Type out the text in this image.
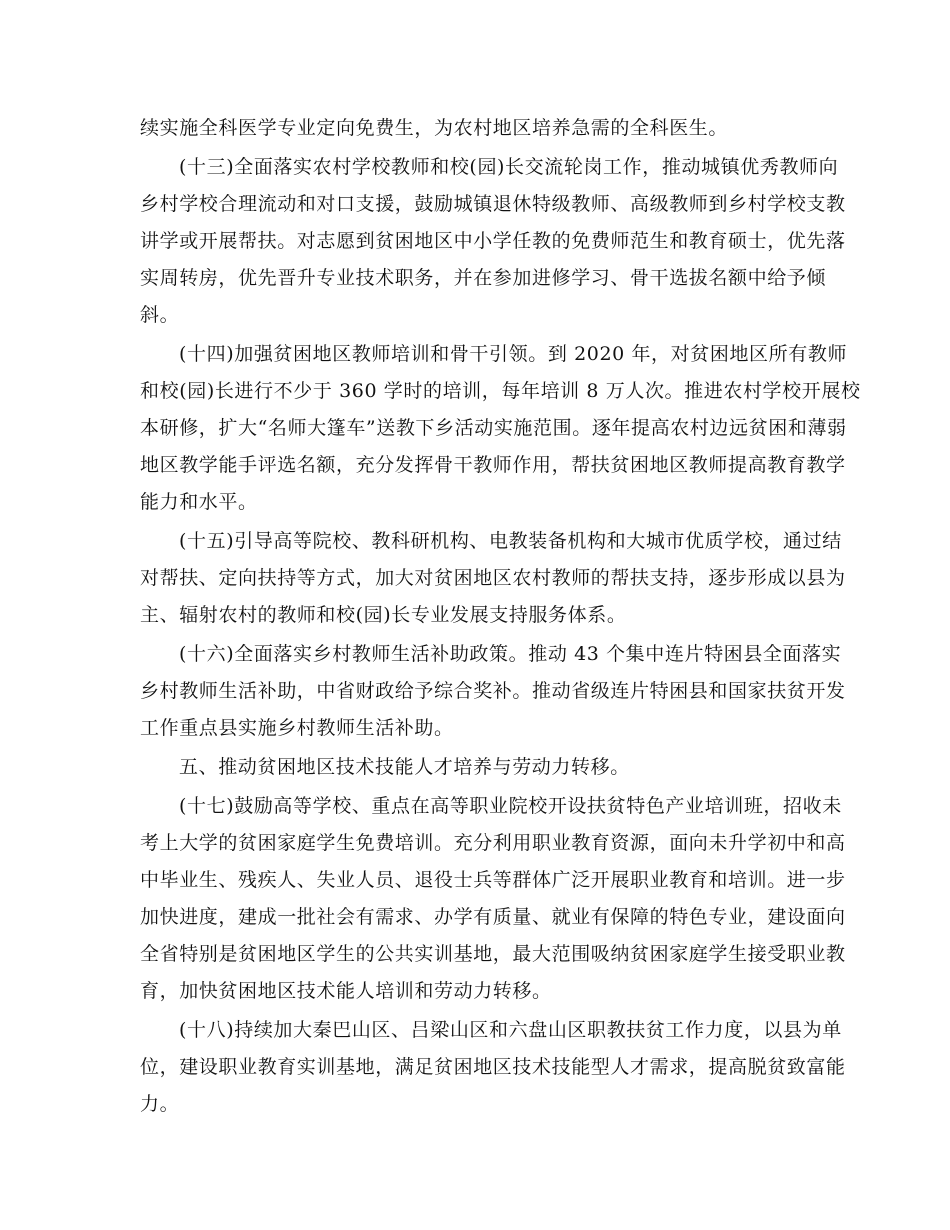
续实施全科医学专业定向免费生，为农村地区培养急需的全科医生。
(十三)全面落实农村学校教师和校(园)长交流轮岗工作，推动城镇优秀教师向
乡村学校合理流动和对口支援，鼓励城镇退休特级教师、高级教师到乡村学校支教
讲学或开展帮扶。对志愿到贫困地区中小学任教的免费师范生和教育硕士，优先落
实周转房，优先晋升专业技术职务，并在参加进修学习、骨干选拔名额中给予倾
斜。
(十四)加强贫困地区教师培训和骨干引领。到 2020 年，对贫困地区所有教师
和校(园)长进行不少于 360 学时的培训，每年培训 8 万人次。推进农村学校开展校
本研修，扩大“名师大篷车”送教下乡活动实施范围。逐年提高农村边远贫困和薄弱
地区教学能手评选名额，充分发挥骨干教师作用，帮扶贫困地区教师提高教育教学
能力和水平。
(十五)引导高等院校、教科研机构、电教装备机构和大城市优质学校，通过结
对帮扶、定向扶持等方式，加大对贫困地区农村教师的帮扶支持，逐步形成以县为
主、辐射农村的教师和校(园)长专业发展支持服务体系。
(十六)全面落实乡村教师生活补助政策。推动 43 个集中连片特困县全面落实
乡村教师生活补助，中省财政给予综合奖补。推动省级连片特困县和国家扶贫开发
工作重点县实施乡村教师生活补助。
五、推动贫困地区技术技能人才培养与劳动力转移。
(十七)鼓励高等学校、重点在高等职业院校开设扶贫特色产业培训班，招收未
考上大学的贫困家庭学生免费培训。充分利用职业教育资源，面向未升学初中和高
中毕业生、残疾人、失业人员、退役士兵等群体广泛开展职业教育和培训。进一步
加快进度，建成一批社会有需求、办学有质量、就业有保障的特色专业，建设面向
全省特别是贫困地区学生的公共实训基地，最大范围吸纳贫困家庭学生接受职业教
育，加快贫困地区技术能人培训和劳动力转移。
(十八)持续加大秦巴山区、吕梁山区和六盘山区职教扶贫工作力度，以县为单
位，建设职业教育实训基地，满足贫困地区技术技能型人才需求，提高脱贫致富能
力。
